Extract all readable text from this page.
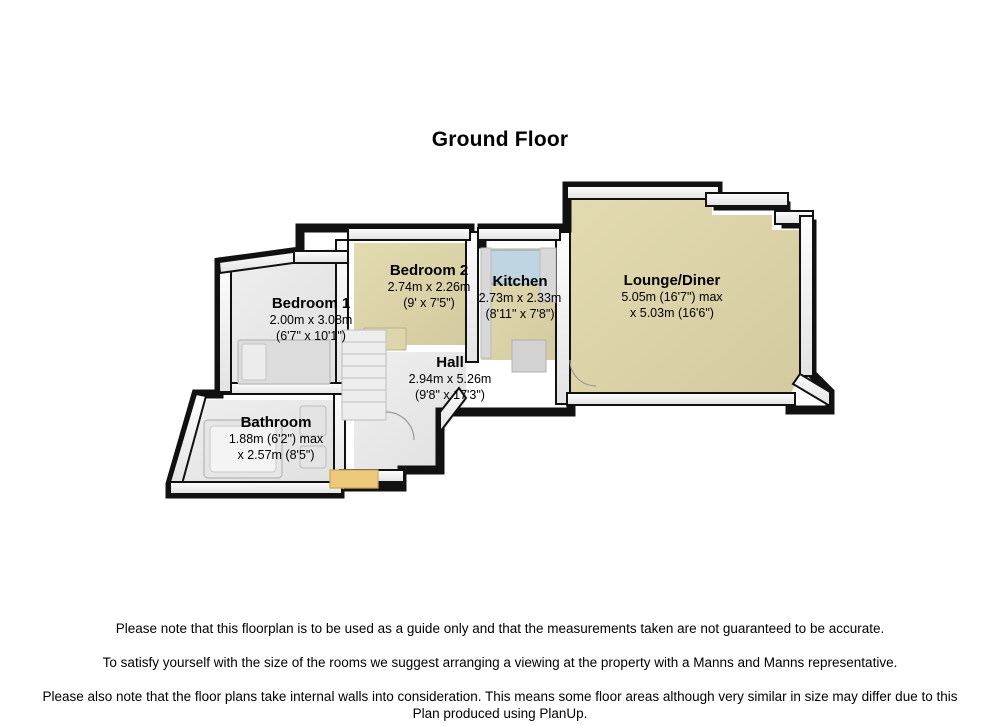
Ground Floor
Bedroom 1
2.00m x 3.08m
(6'7" x 10'1")
Bedroom 2
2.74m x 2.26m
(9' x 7'5")
Kitchen
2.73m x 2.33m
(8'11" x 7'8")
Lounge/Diner
5.05m (16'7") max
x 5.03m (16'6")
Hall
2.94m x 5.26m
(9'8" x 17'3")
Bathroom
1.88m (6'2") max
x 2.57m (8'5")

Please note that this floorplan is to be used as a guide only and that the measurements taken are not guaranteed to be accurate.

To satisfy yourself with the size of the rooms we suggest arranging a viewing at the property with a Manns and Manns representative.

Please also note that the floor plans take internal walls into consideration. This means some floor areas although very similar in size may differ due to this

Plan produced using PlanUp.
